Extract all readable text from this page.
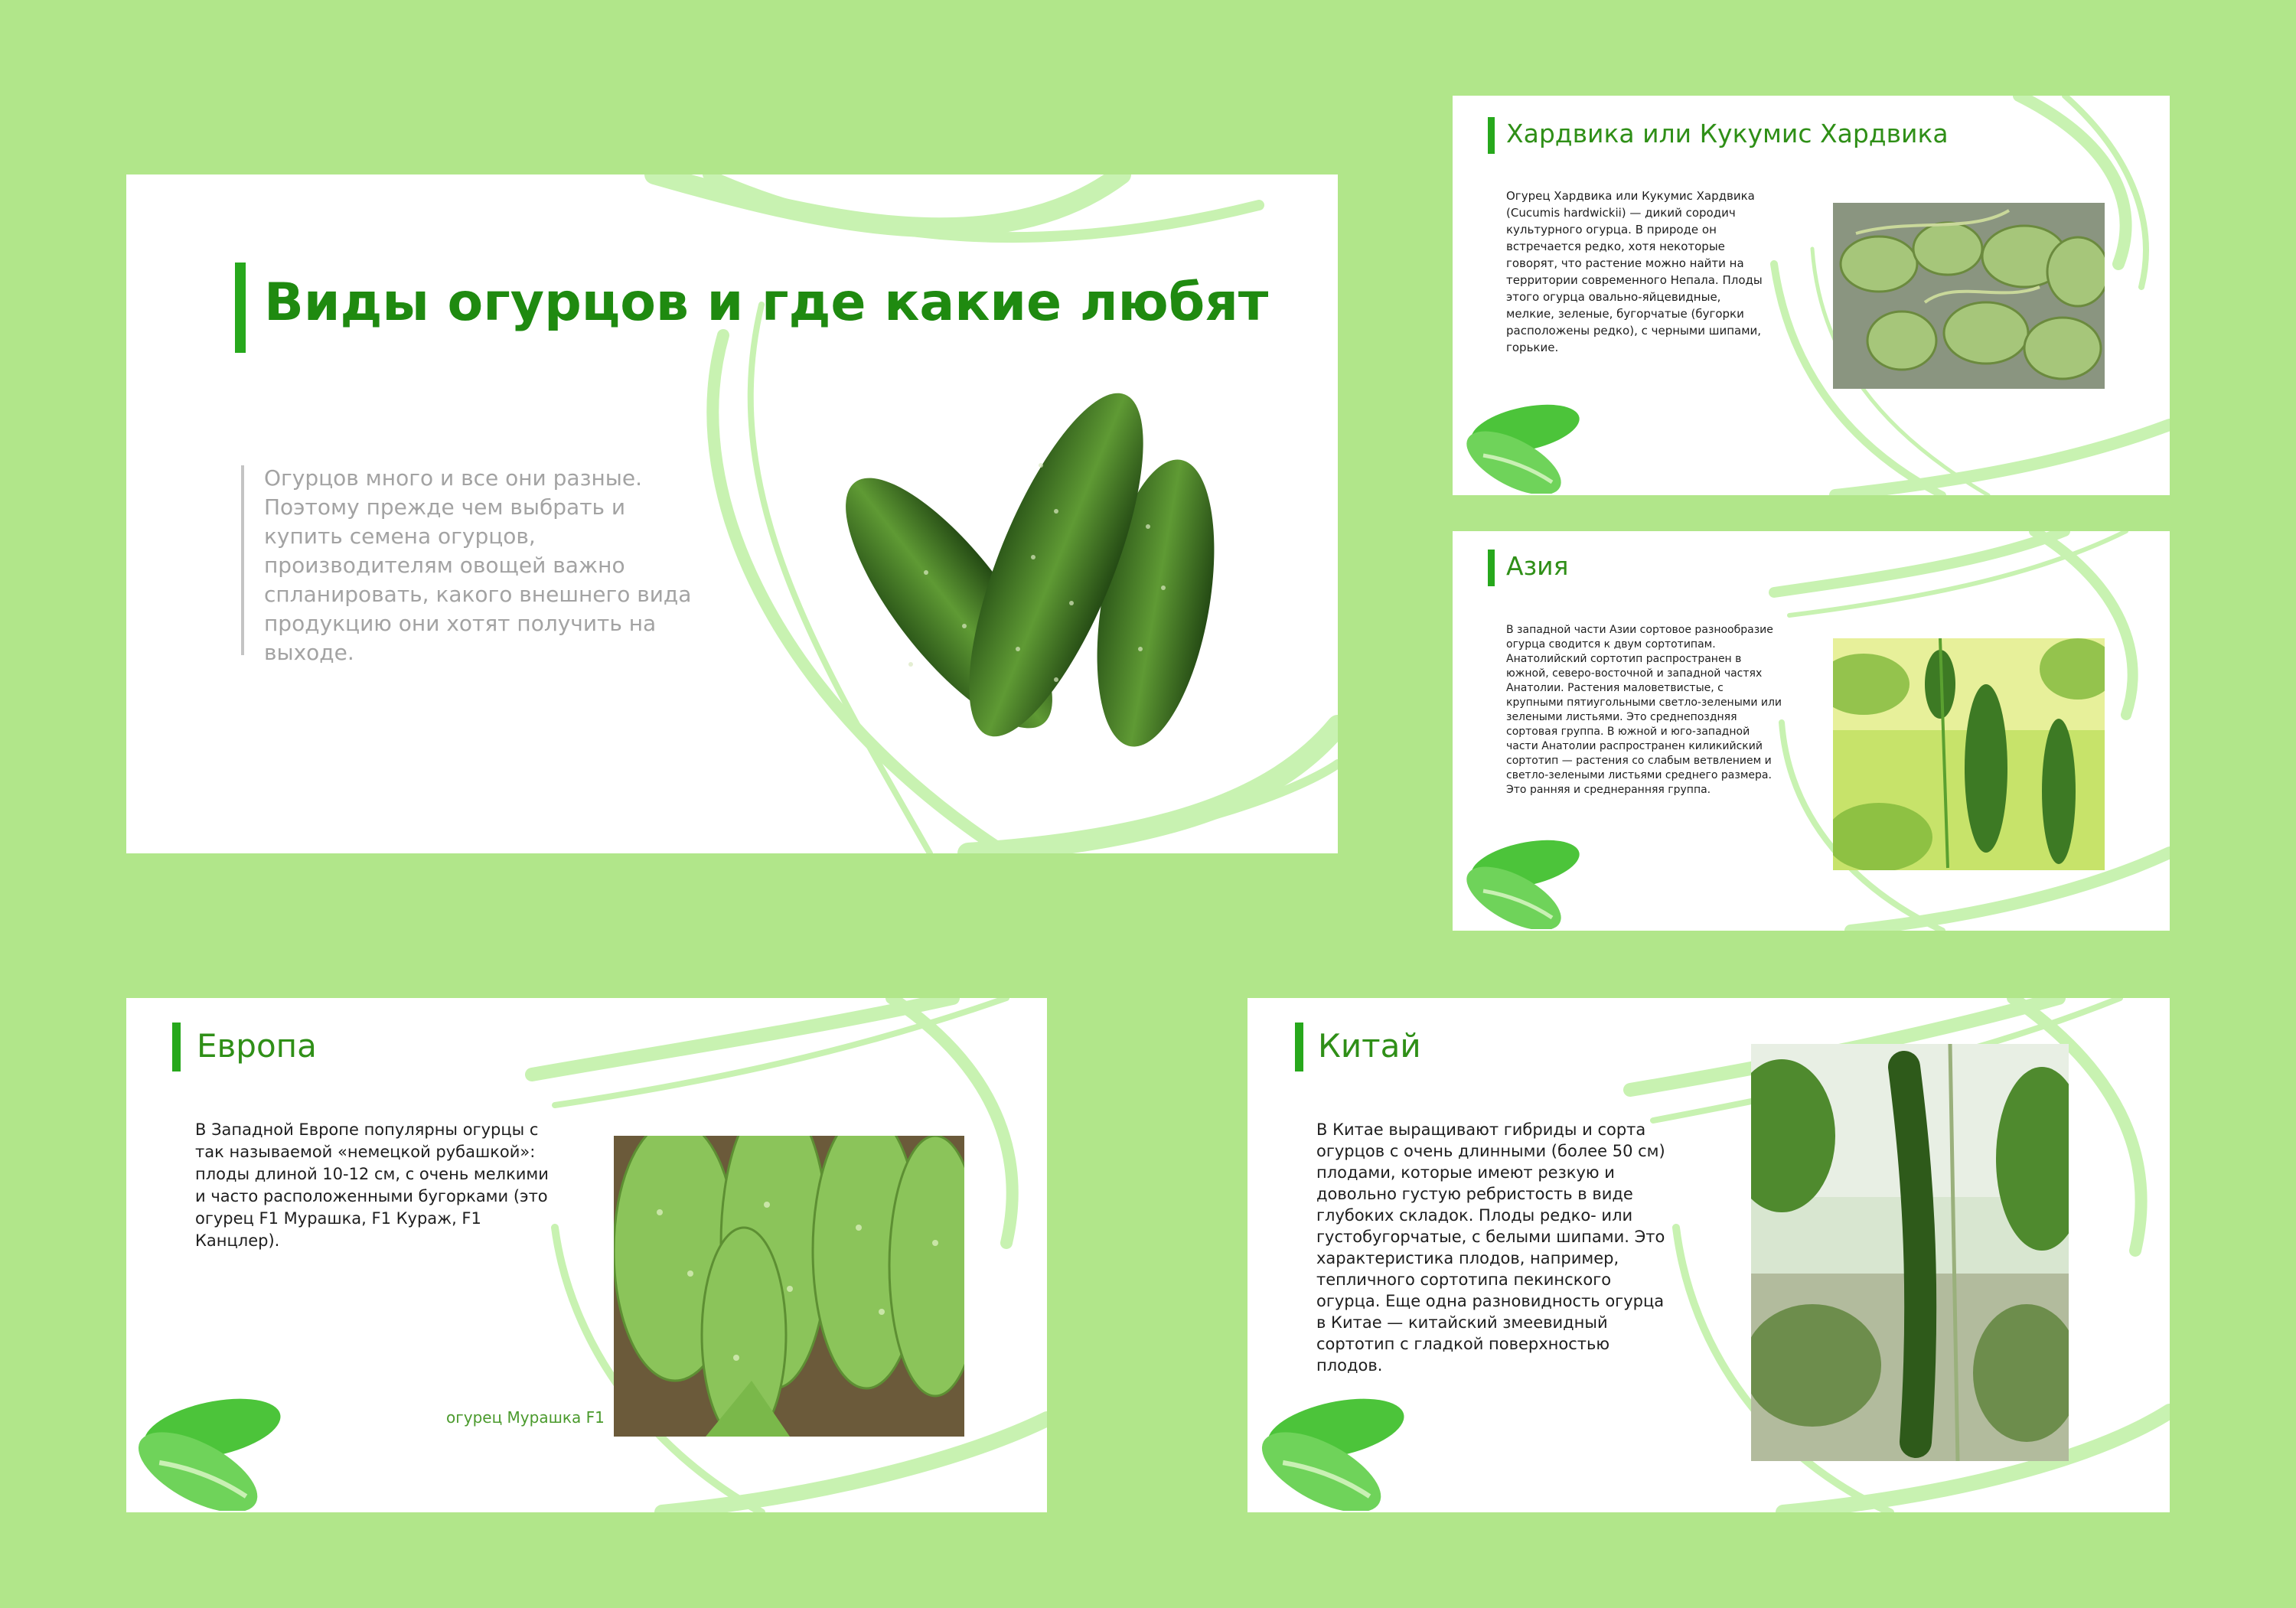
Виды огурцов и где какие любят
Огурцов много и все они разные. Поэтому прежде чем выбрать и купить семена огурцов, производителям овощей важно спланировать, какого внешнего вида продукцию они хотят получить на выходе.
Хардвика или Кукумис Хардвика
Огурец Хардвика или Кукумис Хардвика (Cucumis hardwickii) — дикий сородич культурного огурца. В природе он встречается редко, хотя некоторые говорят, что растение можно найти на территории современного Непала. Плоды этого огурца овально-яйцевидные, мелкие, зеленые, бугорчатые (бугорки расположены редко), с черными шипами, горькие.
Азия
В западной части Азии сортовое разнообразие огурца сводится к двум сортотипам. Анатолийский сортотип распространен в южной, северо-восточной и западной частях Анатолии. Растения маловетвистые, с крупными пятиугольными светло-зелеными или зелеными листьями. Это среднепоздняя сортовая группа. В южной и юго-западной части Анатолии распространен киликийский сортотип — растения со слабым ветвлением и светло-зелеными листьями среднего размера. Это ранняя и среднеранняя группа.
Европа
В Западной Европе популярны огурцы с так называемой «немецкой рубашкой»: плоды длиной 10-12 см, с очень мелкими и часто расположенными бугорками (это огурец F1 Мурашка, F1 Кураж, F1 Канцлер).
огурец Мурашка F1
Китай
В Китае выращивают гибриды и сорта огурцов с очень длинными (более 50 см) плодами, которые имеют резкую и довольно густую ребристость в виде глубоких складок. Плоды редко- или густобугорчатые, с белыми шипами. Это характеристика плодов, например, тепличного сортотипа пекинского огурца. Еще одна разновидность огурца в Китае — китайский змеевидный сортотип с гладкой поверхностью плодов.
